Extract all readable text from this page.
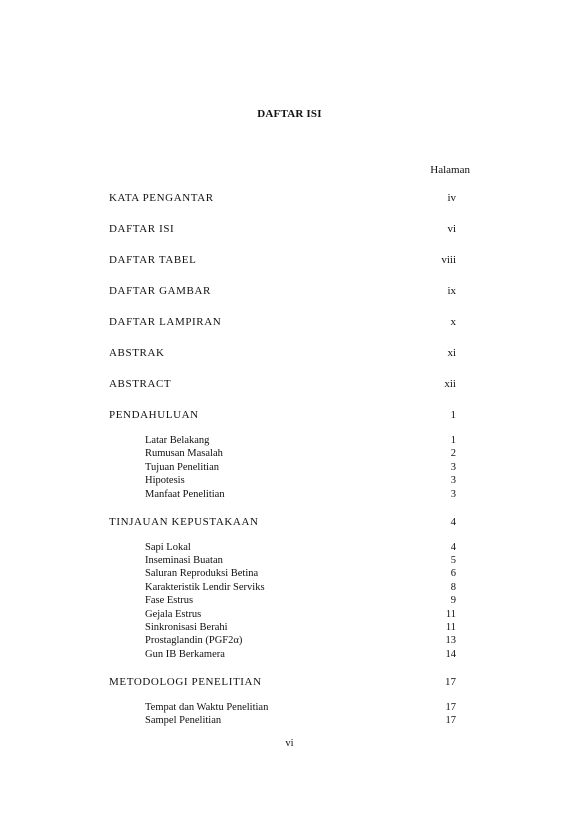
DAFTAR ISI
Halaman
KATA PENGANTAR	iv
DAFTAR ISI	vi
DAFTAR TABEL	viii
DAFTAR GAMBAR	ix
DAFTAR LAMPIRAN	x
ABSTRAK	xi
ABSTRACT	xii
PENDAHULUAN	1
Latar Belakang	1
Rumusan Masalah	2
Tujuan Penelitian	3
Hipotesis	3
Manfaat Penelitian	3
TINJAUAN KEPUSTAKAAN	4
Sapi Lokal	4
Inseminasi Buatan	5
Saluran Reproduksi Betina	6
Karakteristik Lendir Serviks	8
Fase Estrus	9
Gejala Estrus	11
Sinkronisasi Berahi	11
Prostaglandin (PGF2α)	13
Gun IB Berkamera	14
METODOLOGI PENELITIAN	17
Tempat dan Waktu Penelitian	17
Sampel Penelitian	17
vi
